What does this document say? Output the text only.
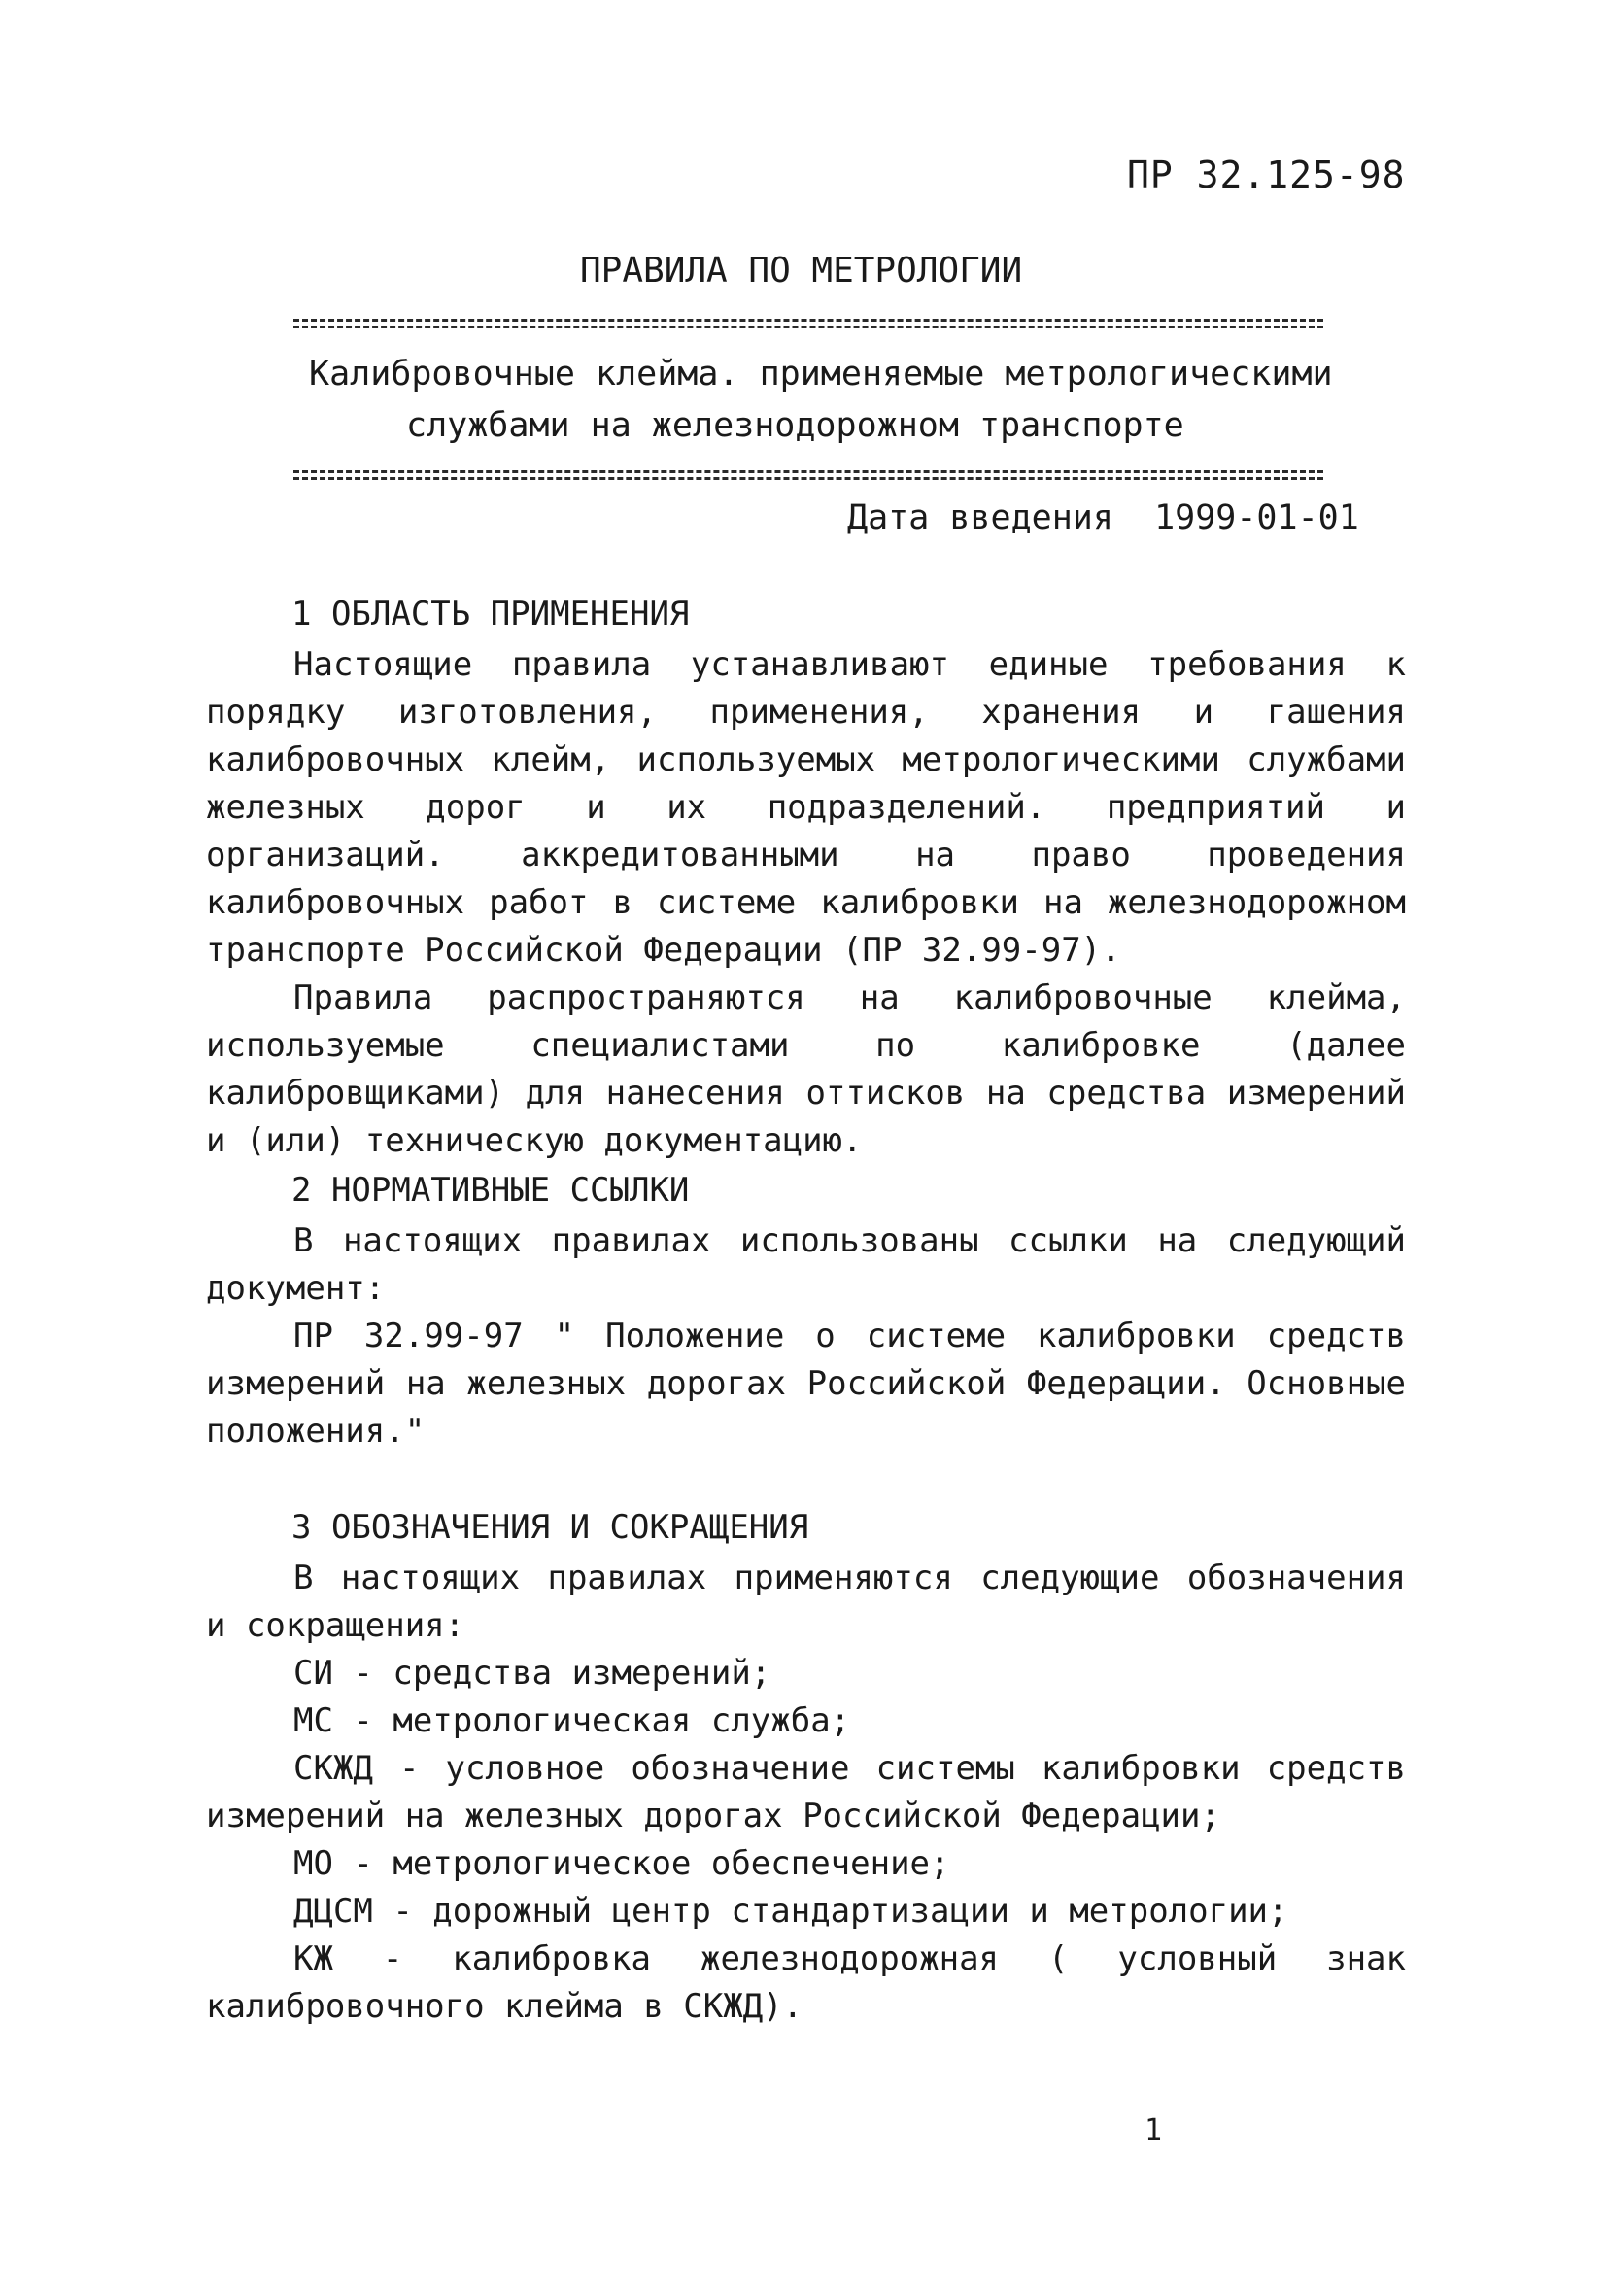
ПР 32.125-98
ПРАВИЛА ПО МЕТРОЛОГИИ
Калибровочные клейма. применяемые метрологическими
службами на железнодорожном транспорте
Дата введения  1999-01-01
1 ОБЛАСТЬ ПРИМЕНЕНИЯ

Настоящие правила устанавливают единые требования к порядку изготовления, применения, хранения и гашения калибровочных клейм, используемых метрологическими службами железных дорог и их подразделений. предприятий и организаций. аккредитованными на право проведения калибровочных работ в системе калибровки на железнодорожном транспорте Российской Федерации (ПР 32.99-97).

Правила распространяются на калибровочные клейма, используемые специалистами по калибровке (далее калибровщиками) для нанесения оттисков на средства измерений и (или) техническую документацию.

2 НОРМАТИВНЫЕ ССЫЛКИ

В настоящих правилах использованы ссылки на следующий документ:

ПР 32.99-97 " Положение о системе калибровки средств измерений на железных дорогах Российской Федерации. Основные положения."

3 ОБОЗНАЧЕНИЯ И СОКРАЩЕНИЯ

В настоящих правилах применяются следующие обозначения и сокращения:

СИ - средства измерений;

МС - метрологическая служба;

СКЖД - условное обозначение системы калибровки средств измерений на железных дорогах Российской Федерации;

МО - метрологическое обеспечение;

ДЦСМ - дорожный центр стандартизации и метрологии;

КЖ - калибровка железнодорожная ( условный знак калибровочного клейма в СКЖД).

1
